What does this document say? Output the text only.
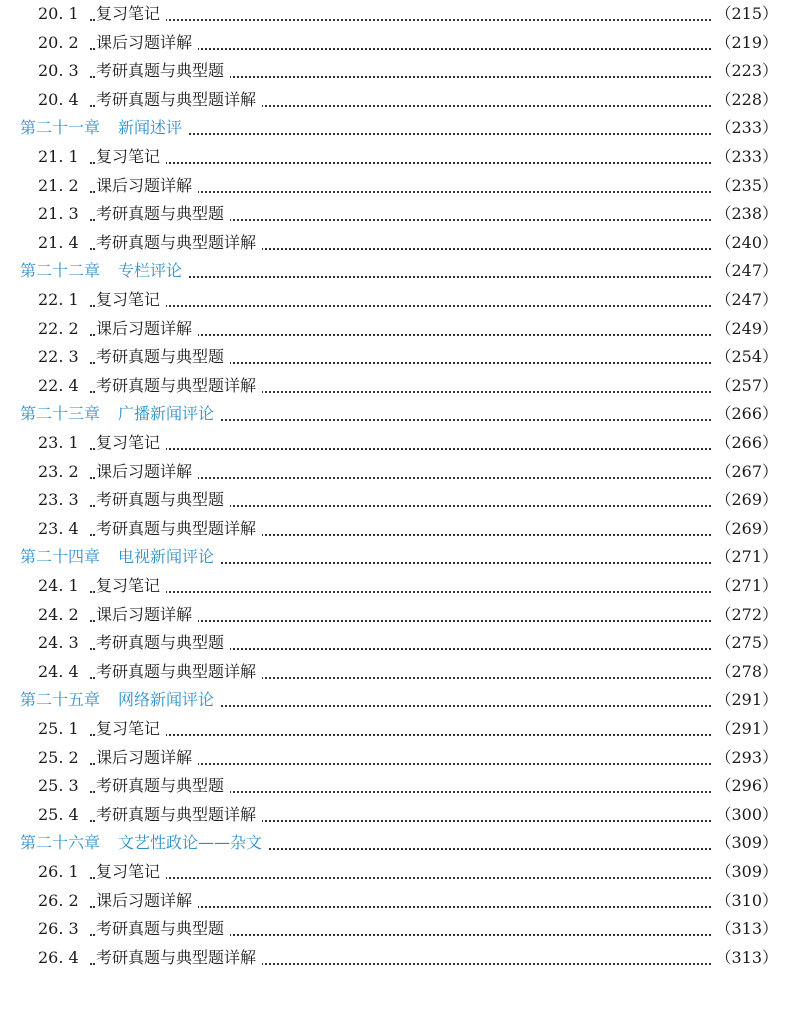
20. 1 复习笔记	（215）
20. 2 课后习题详解	（219）
20. 3 考研真题与典型题	（223）
20. 4 考研真题与典型题详解	（228）
第二十一章 新闻述评	（233）
21. 1 复习笔记	（233）
21. 2 课后习题详解	（235）
21. 3 考研真题与典型题	（238）
21. 4 考研真题与典型题详解	（240）
第二十二章 专栏评论	（247）
22. 1 复习笔记	（247）
22. 2 课后习题详解	（249）
22. 3 考研真题与典型题	（254）
22. 4 考研真题与典型题详解	（257）
第二十三章 广播新闻评论	（266）
23. 1 复习笔记	（266）
23. 2 课后习题详解	（267）
23. 3 考研真题与典型题	（269）
23. 4 考研真题与典型题详解	（269）
第二十四章 电视新闻评论	（271）
24. 1 复习笔记	（271）
24. 2 课后习题详解	（272）
24. 3 考研真题与典型题	（275）
24. 4 考研真题与典型题详解	（278）
第二十五章 网络新闻评论	（291）
25. 1 复习笔记	（291）
25. 2 课后习题详解	（293）
25. 3 考研真题与典型题	（296）
25. 4 考研真题与典型题详解	（300）
第二十六章 文艺性政论——杂文	（309）
26. 1 复习笔记	（309）
26. 2 课后习题详解	（310）
26. 3 考研真题与典型题	（313）
26. 4 考研真题与典型题详解	（313）
